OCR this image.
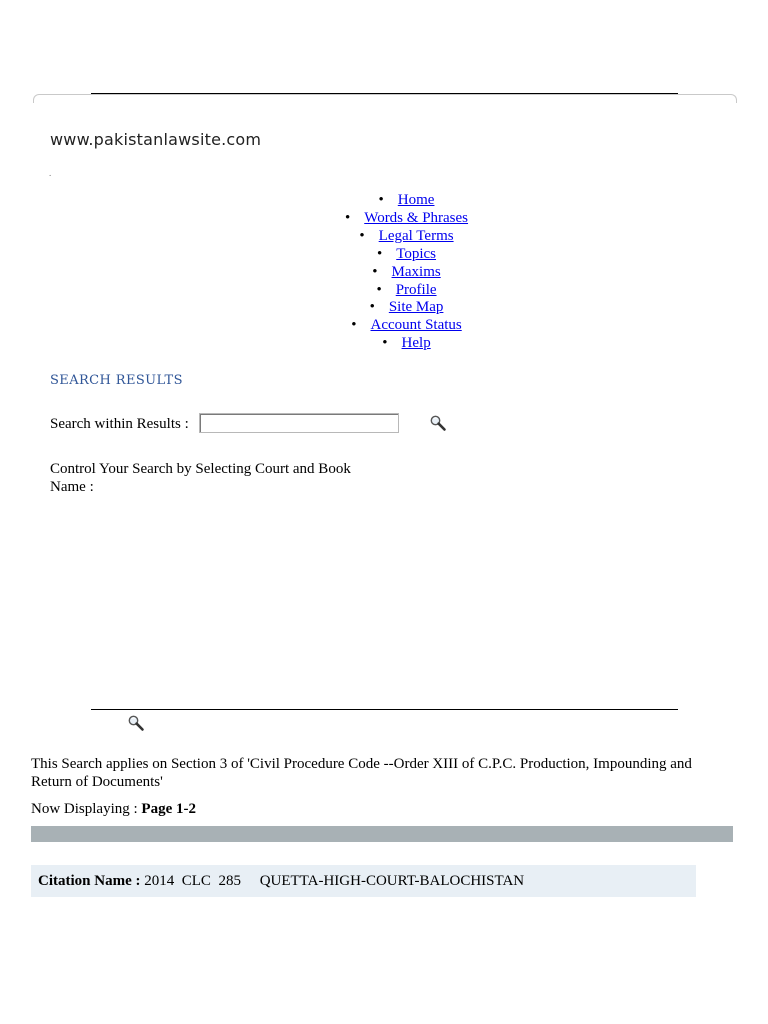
www.pakistanlawsite.com
.
• Home
• Words & Phrases
• Legal Terms
• Topics
• Maxims
• Profile
• Site Map
• Account Status
• Help
SEARCH RESULTS
Search within Results :
Control Your Search by Selecting Court and Book Name :
This Search applies on Section 3 of 'Civil Procedure Code --Order XIII of C.P.C. Production, Impounding and Return of Documents'
Now Displaying : Page 1-2
Citation Name : 2014 CLC 285 QUETTA-HIGH-COURT-BALOCHISTAN
